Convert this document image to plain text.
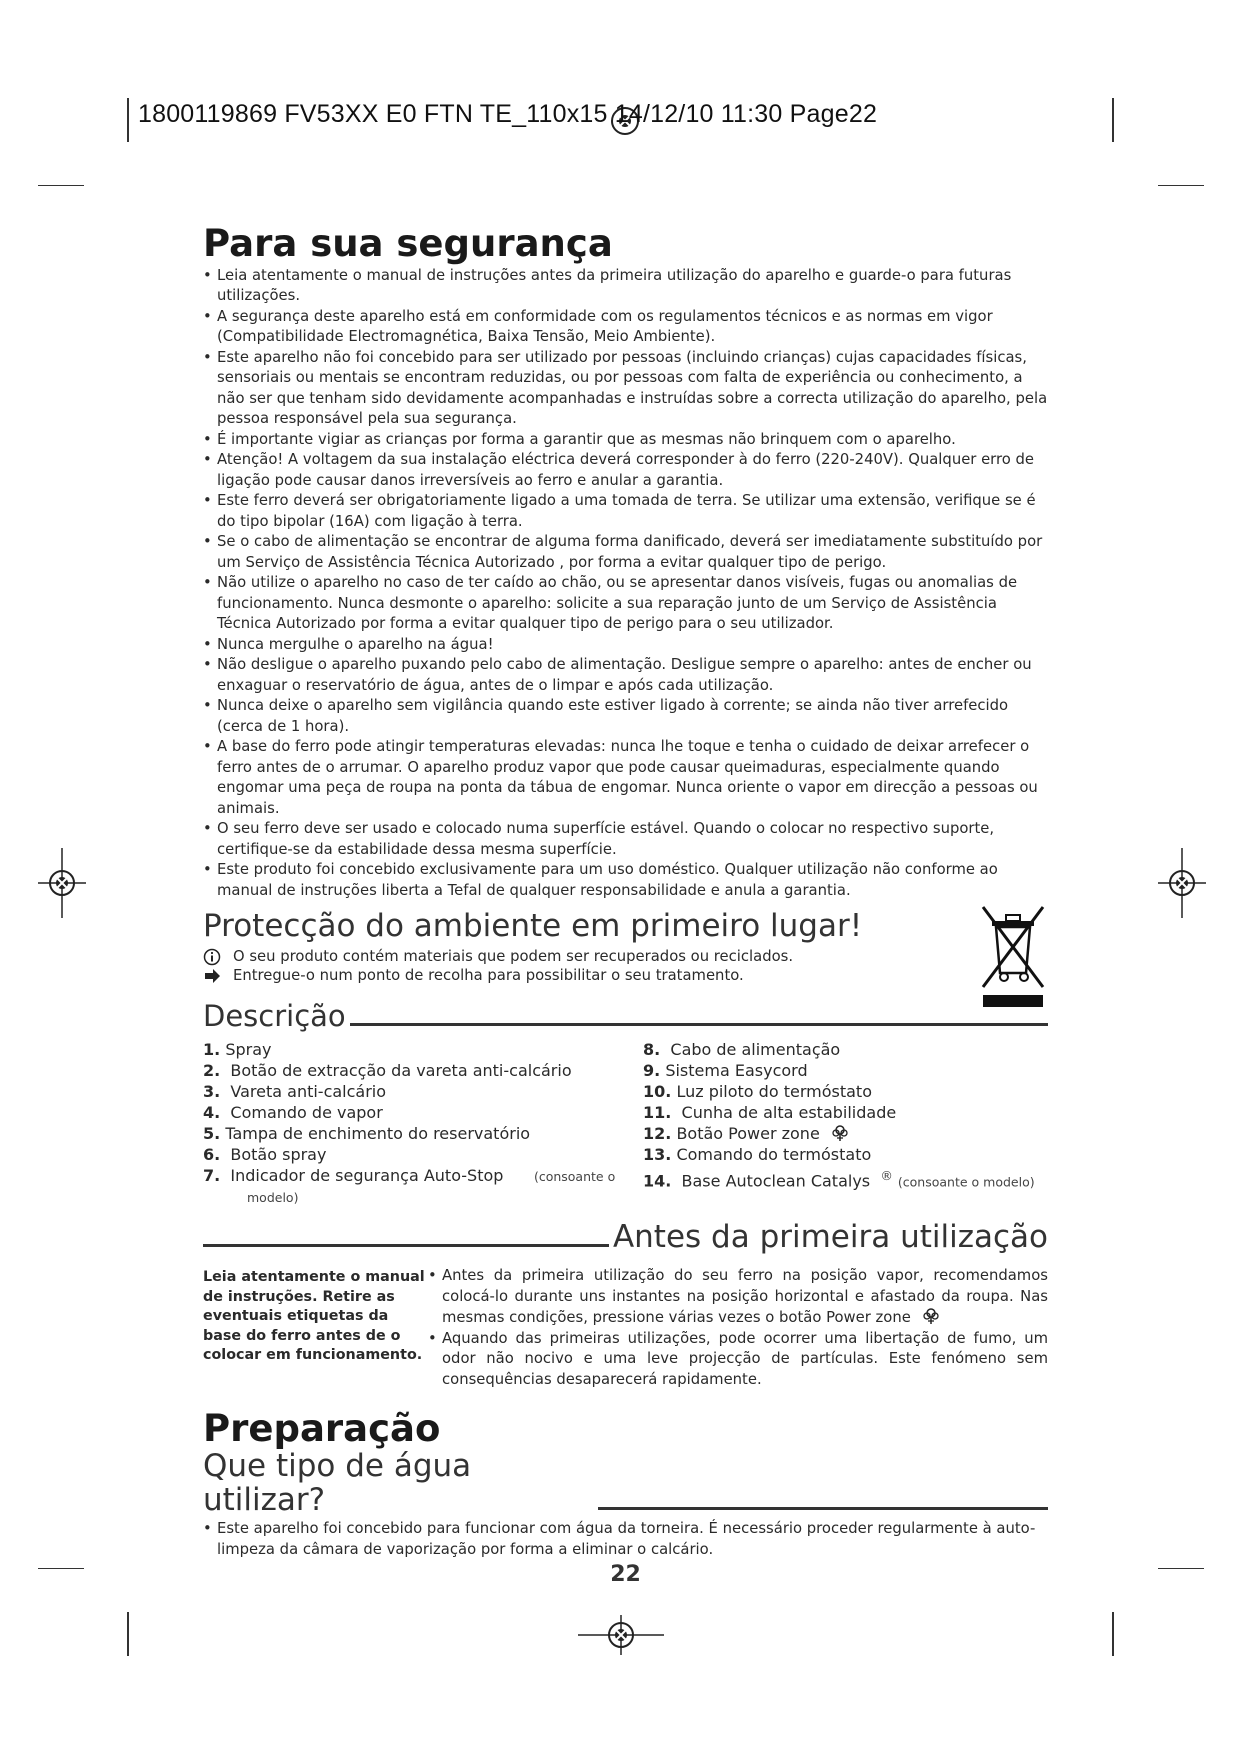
1800119869 FV53XX E0 FTN TE_110x15 14/12/10 11:30 Page22
Para sua segurança
• Leia atentamente o manual de instruções antes da primeira utilização do aparelho e guarde-o para futuras utilizações.
• A segurança deste aparelho está em conformidade com os regulamentos técnicos e as normas em vigor (Compatibilidade Electromagnética, Baixa Tensão, Meio Ambiente).
• Este aparelho não foi concebido para ser utilizado por pessoas (incluindo crianças) cujas capacidades físicas, sensoriais ou mentais se encontram reduzidas, ou por pessoas com falta de experiência ou conhecimento, a não ser que tenham sido devidamente acompanhadas e instruídas sobre a correcta utilização do aparelho, pela pessoa responsável pela sua segurança.
• É importante vigiar as crianças por forma a garantir que as mesmas não brinquem com o aparelho.
• Atenção! A voltagem da sua instalação eléctrica deverá corresponder à do ferro (220-240V). Qualquer erro de ligação pode causar danos irreversíveis ao ferro e anular a garantia.
• Este ferro deverá ser obrigatoriamente ligado a uma tomada de terra. Se utilizar uma extensão, verifique se é do tipo bipolar (16A) com ligação à terra.
• Se o cabo de alimentação se encontrar de alguma forma danificado, deverá ser imediatamente substituído por um Serviço de Assistência Técnica Autorizado , por forma a evitar qualquer tipo de perigo.
• Não utilize o aparelho no caso de ter caído ao chão, ou se apresentar danos visíveis, fugas ou anomalias de funcionamento. Nunca desmonte o aparelho: solicite a sua reparação junto de um Serviço de Assistência Técnica Autorizado por forma a evitar qualquer tipo de perigo para o seu utilizador.
• Nunca mergulhe o aparelho na água!
• Não desligue o aparelho puxando pelo cabo de alimentação. Desligue sempre o aparelho: antes de encher ou enxaguar o reservatório de água, antes de o limpar e após cada utilização.
• Nunca deixe o aparelho sem vigilância quando este estiver ligado à corrente; se ainda não tiver arrefecido (cerca de 1 hora).
• A base do ferro pode atingir temperaturas elevadas: nunca lhe toque e tenha o cuidado de deixar arrefecer o ferro antes de o arrumar. O aparelho produz vapor que pode causar queimaduras, especialmente quando engomar uma peça de roupa na ponta da tábua de engomar. Nunca oriente o vapor em direcção a pessoas ou animais.
• O seu ferro deve ser usado e colocado numa superfície estável. Quando o colocar no respectivo suporte, certifique-se da estabilidade dessa mesma superfície.
• Este produto foi concebido exclusivamente para um uso doméstico. Qualquer utilização não conforme ao manual de instruções liberta a Tefal de qualquer responsabilidade e anula a garantia.
Protecção do ambiente em primeiro lugar!
O seu produto contém materiais que podem ser recuperados ou reciclados.
Entregue-o num ponto de recolha para possibilitar o seu tratamento.
Descrição
1. Spray
2. Botão de extracção da vareta anti-calcário
3. Vareta anti-calcário
4. Comando de vapor
5. Tampa de enchimento do reservatório
6. Botão spray
7. Indicador de segurança Auto-Stop (consoante o
modelo)
8. Cabo de alimentação
9. Sistema Easycord
10. Luz piloto do termóstato
11. Cunha de alta estabilidade
12. Botão Power zone
13. Comando do termóstato
14. Base Autoclean Catalys ® (consoante o modelo)
Antes da primeira utilização
Leia atentamente o manual de instruções. Retire as eventuais etiquetas da base do ferro antes de o colocar em funcionamento.
• Antes da primeira utilização do seu ferro na posição vapor, recomendamos colocá-lo durante uns instantes na posição horizontal e afastado da roupa. Nas mesmas condições, pressione várias vezes o botão Power zone
• Aquando das primeiras utilizações, pode ocorrer uma libertação de fumo, um odor não nocivo e uma leve projecção de partículas. Este fenómeno sem consequências desaparecerá rapidamente.
Preparação
Que tipo de água utilizar?
• Este aparelho foi concebido para funcionar com água da torneira. É necessário proceder regularmente à auto-limpeza da câmara de vaporização por forma a eliminar o calcário.
22
